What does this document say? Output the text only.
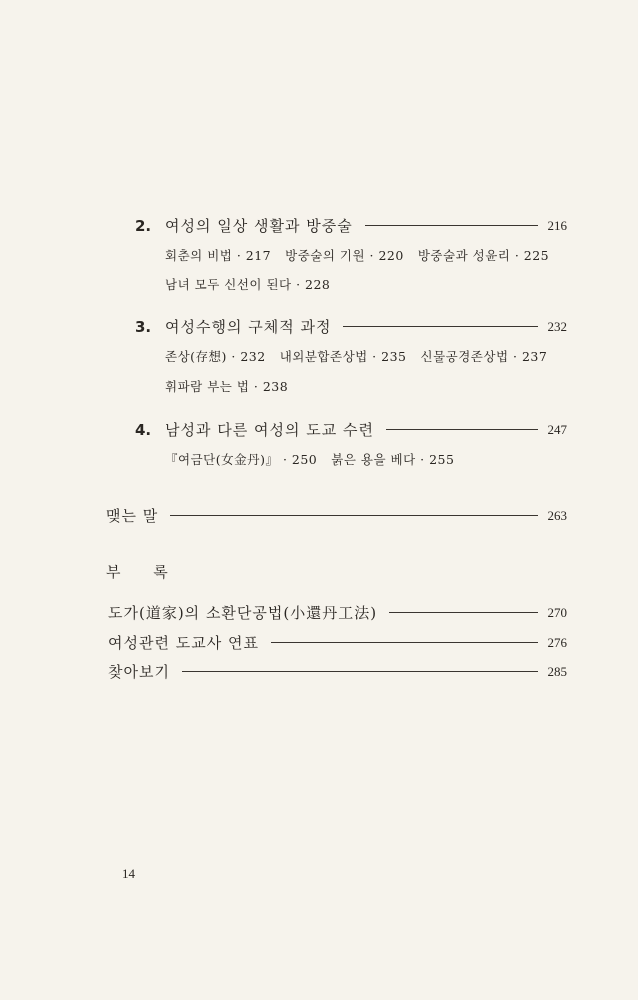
2. 여성의 일상 생활과 방중술	216
회춘의 비법 · 217 방중술의 기원 · 220 방중술과 성윤리 · 225
남녀 모두 신선이 된다 · 228
3. 여성수행의 구체적 과정	232
존상(存想) · 232 내외분합존상법 · 235 신물공경존상법 · 237
휘파람 부는 법 · 238
4. 남성과 다른 여성의 도교 수련	247
『여금단(女金丹)』 · 250 붉은 용을 베다 · 255
맺는 말	263
부 록
도가(道家)의 소환단공법(小還丹工法)	270
여성관련 도교사 연표	276
찾아보기	285
14
